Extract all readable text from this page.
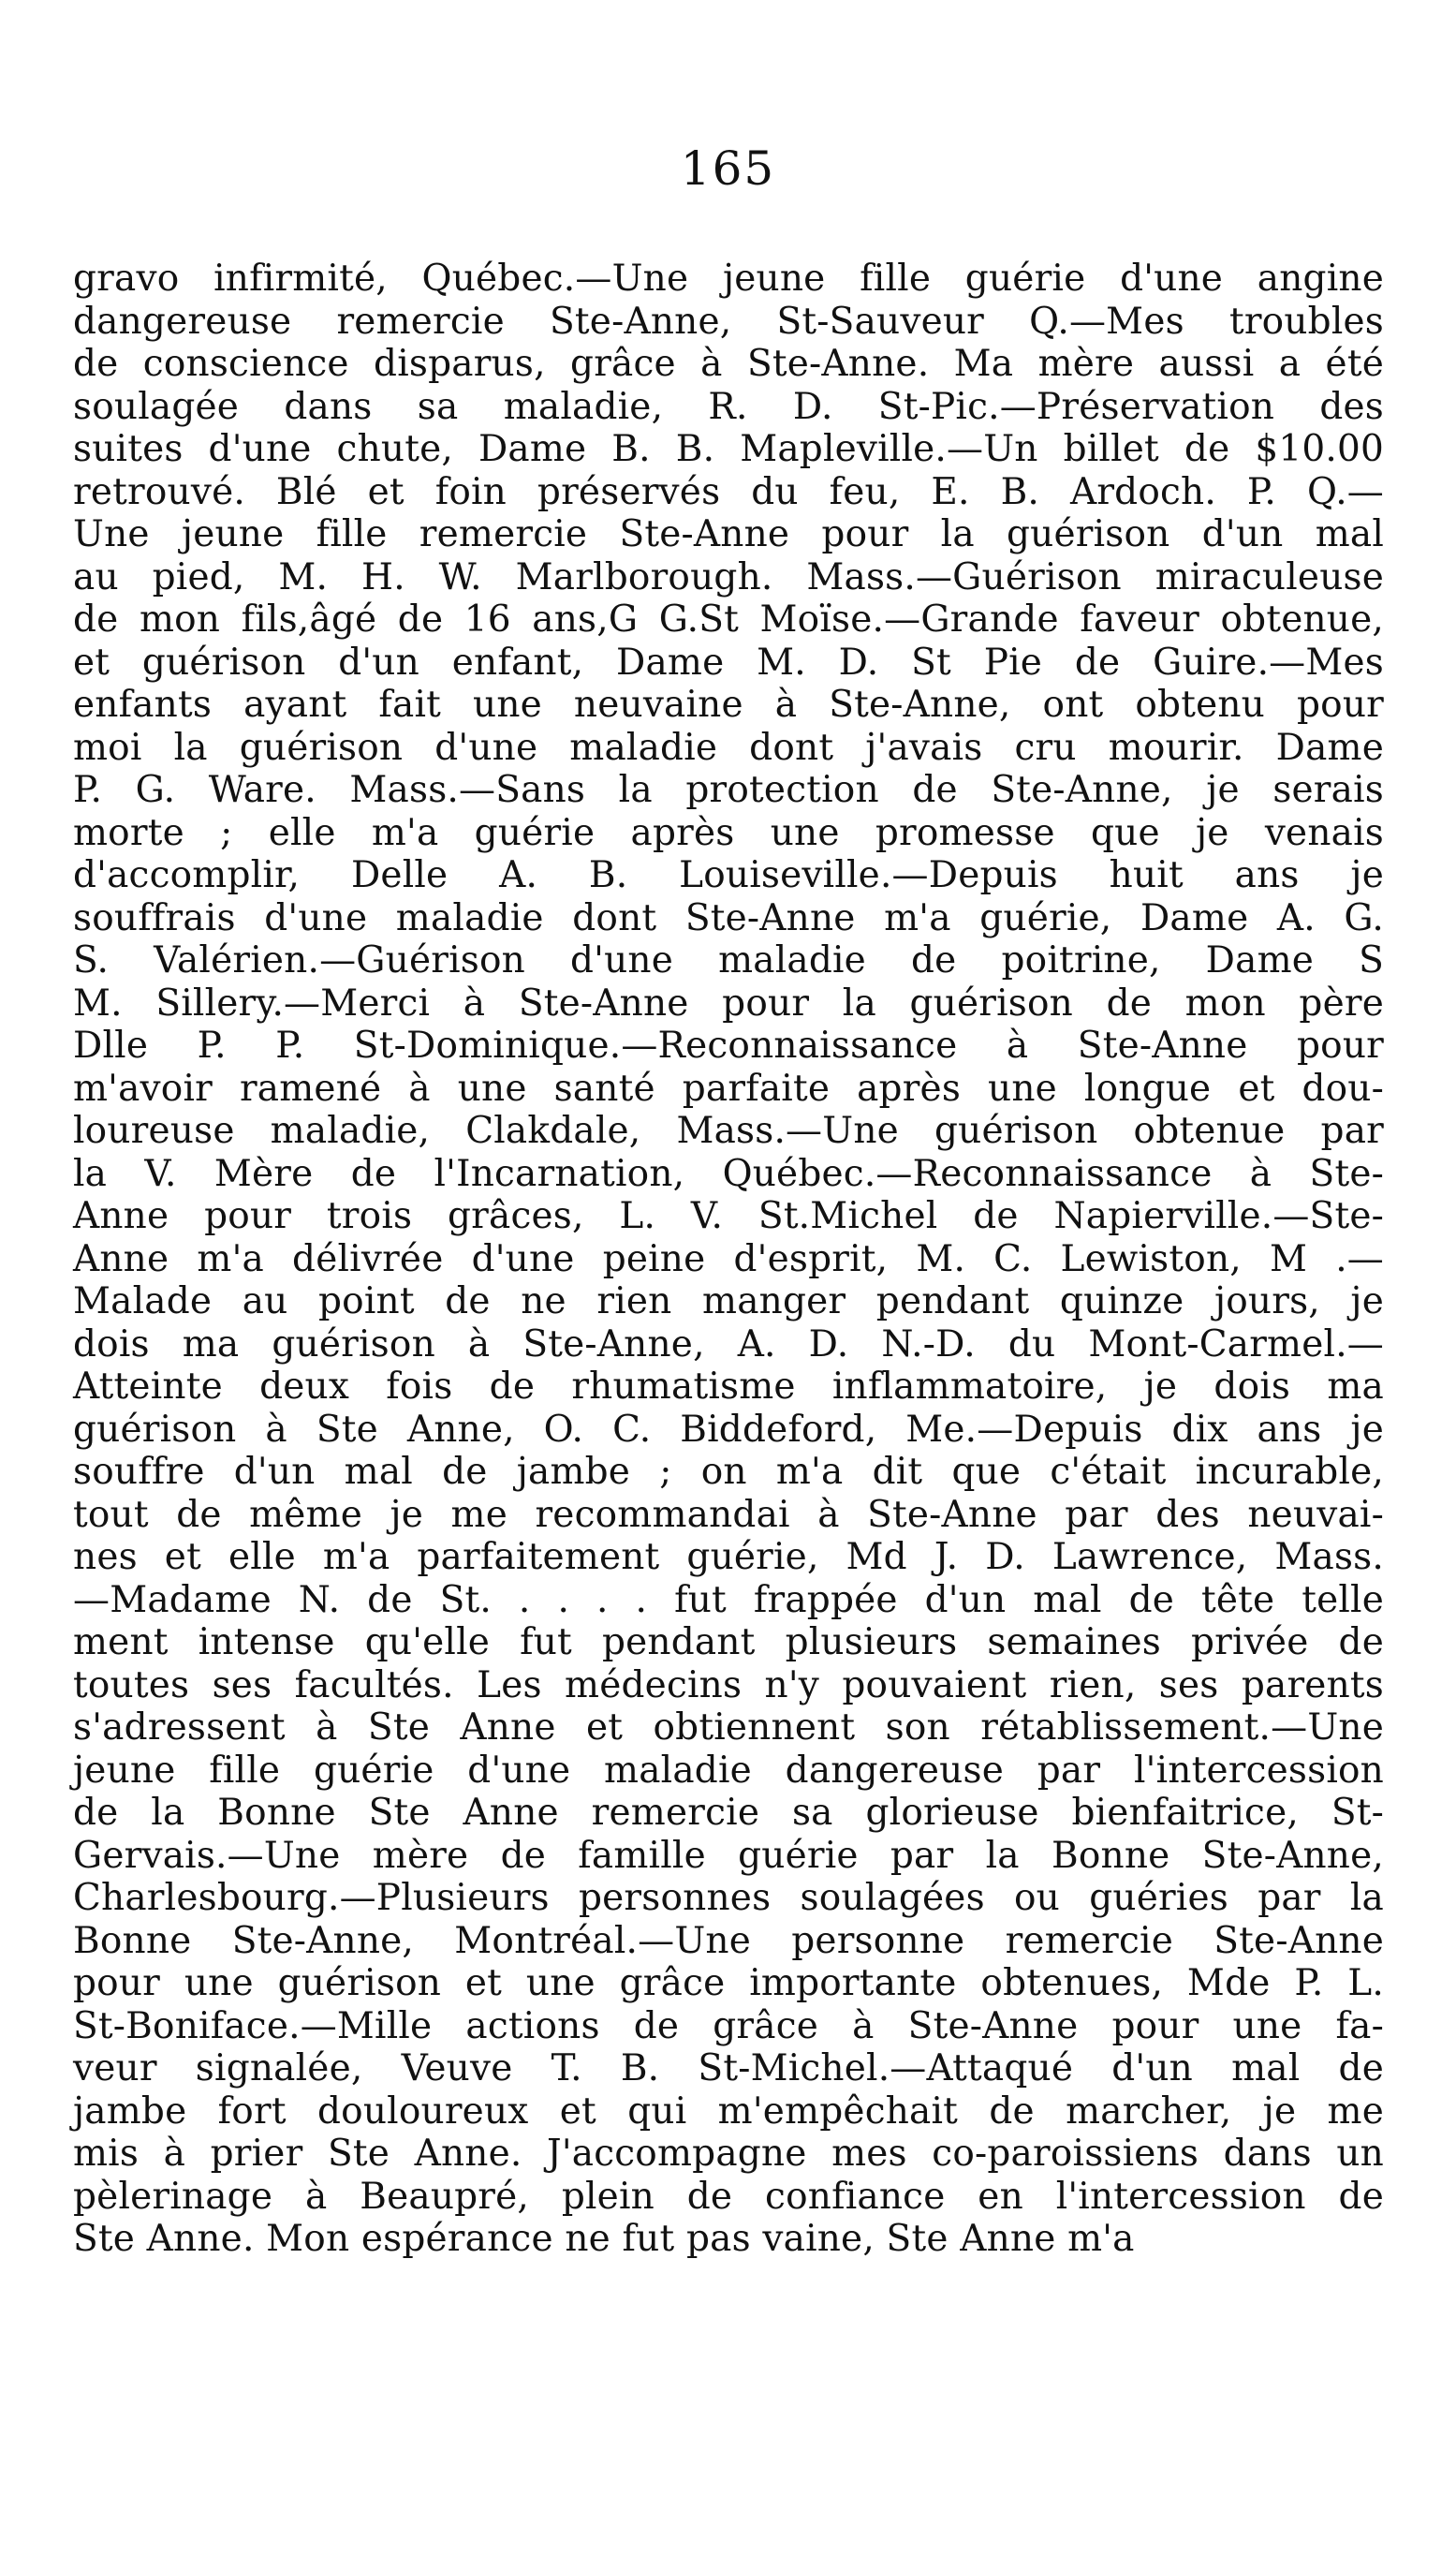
165
gravo infirmité, Québec.—Une jeune fille guérie d'une angine
dangereuse remercie Ste-Anne, St-Sauveur Q.—Mes troubles
de conscience disparus, grâce à Ste-Anne. Ma mère aussi a été
soulagée dans sa maladie, R. D. St-Pic.—Préservation des
suites d'une chute, Dame B. B. Mapleville.—Un billet de $10.00
retrouvé. Blé et foin préservés du feu, E. B. Ardoch. P. Q.—
Une jeune fille remercie Ste-Anne pour la guérison d'un mal
au pied, M. H. W. Marlborough. Mass.—Guérison miraculeuse
de mon fils,âgé de 16 ans,G G.St Moïse.—Grande faveur obtenue,
et guérison d'un enfant, Dame M. D. St Pie de Guire.—Mes
enfants ayant fait une neuvaine à Ste-Anne, ont obtenu pour
moi la guérison d'une maladie dont j'avais cru mourir. Dame
P. G. Ware. Mass.—Sans la protection de Ste-Anne, je serais
morte ; elle m'a guérie après une promesse que je venais
d'accomplir, Delle A. B. Louiseville.—Depuis huit ans je
souffrais d'une maladie dont Ste-Anne m'a guérie, Dame A. G.
S. Valérien.—Guérison d'une maladie de poitrine, Dame S
M. Sillery.—Merci à Ste-Anne pour la guérison de mon père
Dlle P. P. St-Dominique.—Reconnaissance à Ste-Anne pour
m'avoir ramené à une santé parfaite après une longue et dou-
loureuse maladie, Clakdale, Mass.—Une guérison obtenue par
la V. Mère de l'Incarnation, Québec.—Reconnaissance à Ste-
Anne pour trois grâces, L. V. St.Michel de Napierville.—Ste-
Anne m'a délivrée d'une peine d'esprit, M. C. Lewiston, M .—
Malade au point de ne rien manger pendant quinze jours, je
dois ma guérison à Ste-Anne, A. D. N.-D. du Mont-Carmel.—
Atteinte deux fois de rhumatisme inflammatoire, je dois ma
guérison à Ste Anne, O. C. Biddeford, Me.—Depuis dix ans je
souffre d'un mal de jambe ; on m'a dit que c'était incurable,
tout de même je me recommandai à Ste-Anne par des neuvai-
nes et elle m'a parfaitement guérie, Md J. D. Lawrence, Mass.
—Madame N. de St. . . . . fut frappée d'un mal de tête telle
ment intense qu'elle fut pendant plusieurs semaines privée de
toutes ses facultés. Les médecins n'y pouvaient rien, ses parents
s'adressent à Ste Anne et obtiennent son rétablissement.—Une
jeune fille guérie d'une maladie dangereuse par l'intercession
de la Bonne Ste Anne remercie sa glorieuse bienfaitrice, St-
Gervais.—Une mère de famille guérie par la Bonne Ste-Anne,
Charlesbourg.—Plusieurs personnes soulagées ou guéries par la
Bonne Ste-Anne, Montréal.—Une personne remercie Ste-Anne
pour une guérison et une grâce importante obtenues, Mde P. L.
St-Boniface.—Mille actions de grâce à Ste-Anne pour une fa-
veur signalée, Veuve T. B. St-Michel.—Attaqué d'un mal de
jambe fort douloureux et qui m'empêchait de marcher, je me
mis à prier Ste Anne. J'accompagne mes co-paroissiens dans un
pèlerinage à Beaupré, plein de confiance en l'intercession de
Ste Anne. Mon espérance ne fut pas vaine, Ste Anne m'a
